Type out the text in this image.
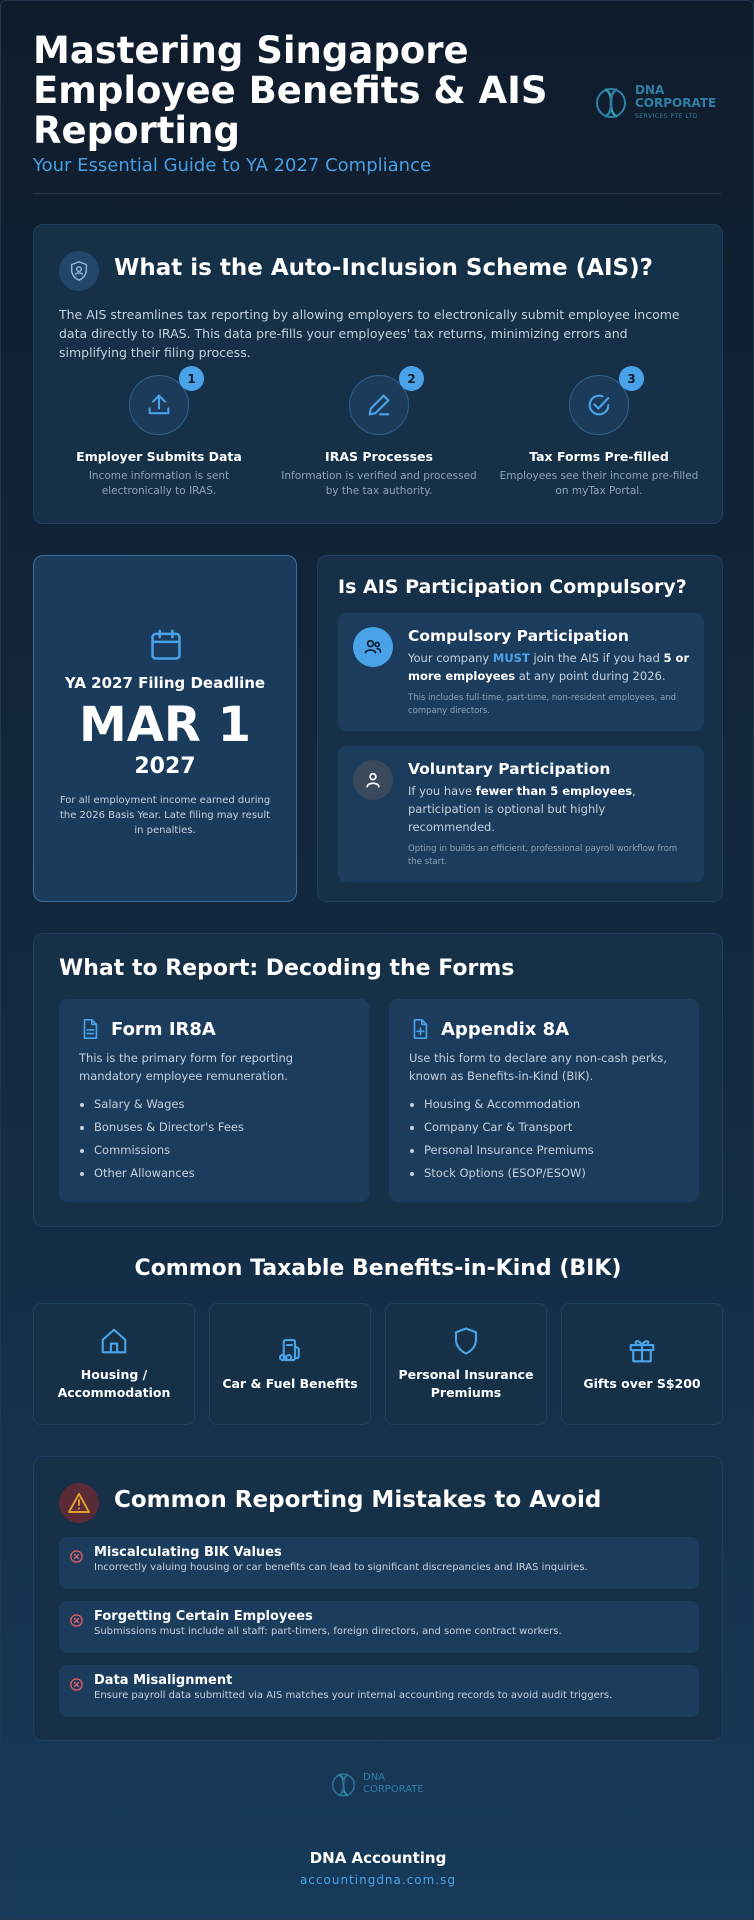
Mastering Singapore Employee Benefits & AIS Reporting
Your Essential Guide to YA 2027 Compliance
DNA
CORPORATE
SERVICES PTE LTD
What is the Auto-Inclusion Scheme (AIS)?
The AIS streamlines tax reporting by allowing employers to electronically submit employee income data directly to IRAS. This data pre-fills your employees' tax returns, minimizing errors and simplifying their filing process.
1
Employer Submits Data
Income information is sent electronically to IRAS.
2
IRAS Processes
Information is verified and processed by the tax authority.
3
Tax Forms Pre-filled
Employees see their income pre-filled on myTax Portal.
YA 2027 Filing Deadline
MAR 1
2027
For all employment income earned during the 2026 Basis Year. Late filing may result in penalties.
Is AIS Participation Compulsory?
Compulsory Participation
Your company MUST join the AIS if you had 5 or more employees at any point during 2026.
This includes full-time, part-time, non-resident employees, and company directors.
Voluntary Participation
If you have fewer than 5 employees, participation is optional but highly recommended.
Opting in builds an efficient, professional payroll workflow from the start.
What to Report: Decoding the Forms
Form IR8A
This is the primary form for reporting mandatory employee remuneration.
Salary & Wages
Bonuses & Director's Fees
Commissions
Other Allowances
Appendix 8A
Use this form to declare any non-cash perks, known as Benefits-in-Kind (BIK).
Housing & Accommodation
Company Car & Transport
Personal Insurance Premiums
Stock Options (ESOP/ESOW)
Common Taxable Benefits-in-Kind (BIK)
Housing / Accommodation
Car & Fuel Benefits
Personal Insurance Premiums
Gifts over S$200
Common Reporting Mistakes to Avoid
Miscalculating BIK Values
Incorrectly valuing housing or car benefits can lead to significant discrepancies and IRAS inquiries.
Forgetting Certain Employees
Submissions must include all staff: part-timers, foreign directors, and some contract workers.
Data Misalignment
Ensure payroll data submitted via AIS matches your internal accounting records to avoid audit triggers.
DNA
CORPORATE
DNA Accounting
accountingdna.com.sg
